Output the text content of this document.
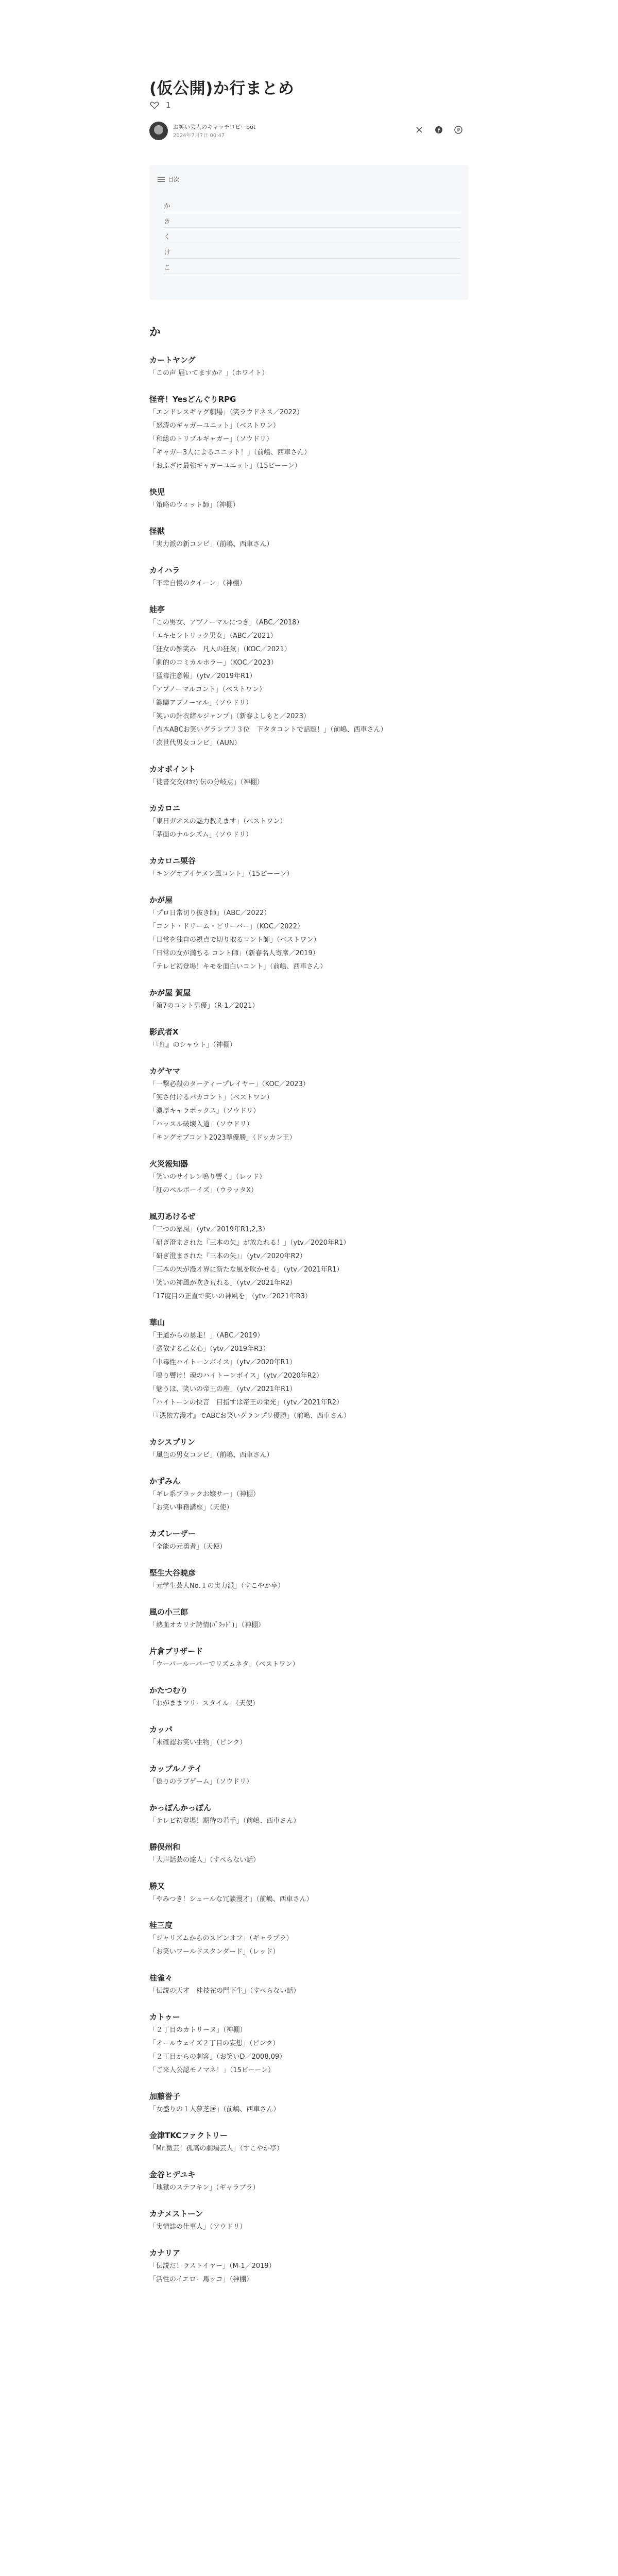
(仮公開)か行まとめ
1
お笑い芸人のキャッチコピーbot
2024年7月7日 00:47
目次
か
き
く
け
こ
か
カートヤング

「この声 届いてますか？」（ホワイト）

怪奇！YesどんぐりRPG

「エンドレスギャグ劇場」（笑ラウドネス／2022）

「怒涛のギャガーユニット」（ベストワン）

「和総のトリプルギャガー」（ソウドリ）

「ギャガー3人によるユニット！」（前嶋、西車さん）

「おふざけ最強ギャガーユニット」（15ビーーン）

快児

「策略のウィット師」（神棚）

怪獣

「実力派の新コンビ」（前嶋、西車さん）

カイハラ

「不幸自慢のクイーン」（神棚）

蛙亭

「この男女、アブノーマルにつき」（ABC／2018）

「エキセントリック男女」（ABC／2021）

「狂女の雑笑み　凡人の狂気」（KOC／2021）

「劇的のコミカルホラー」（KOC／2023）

「猛毒注意報」（ytv／2019年R1）

「アブノーマルコント」（ベストワン）

「範疇アブノーマル」（ソウドリ）

「笑いの針衣緒ルジャンプ」（新春よしもと／2023）

「吉本ABCお笑いグランプリ３位　下タタコントで話題！」（前嶋、西車さん）

「次世代男女コンビ」（AUN）

カオポイント

「徒書交交(ｵｶﾏ)'伝の分岐点」（神棚）

カカロニ

「東日ガオスの魅力教えます」（ベストワン）

「茅面のナルシズム」（ソウドリ）

カカロニ栗谷

「キングオブイケメン風コント」（15ビーーン）

かが屋

「プロ日常切り抜き師」（ABC／2022）

「コント・ドリーム・ビリーバー」（KOC／2022）

「日常を独自の視点で切り取るコント師」（ベストワン）

「日常の女が満ちる コント師」（新春名人寄席／2019）

「テレビ初登場！キモを面白いコント」（前嶋、西車さん）

かが屋 賀屋

「第7のコント男優」（R-1／2021）

影武者X

「『紅』のシャウト」（神棚）

カゲヤマ

「一撃必殺のターティープレイヤー」（KOC／2023）

「笑さ付けるバカコント」（ベストワン）

「濃厚キャラボックス」（ソウドリ）

「ハッスル破壊入道」（ソウドリ）

「キングオブコント2023準優勝」（ドッカン王）

火災報知器

「笑いのサイレン鳴り響く」（レッド）

「紅のベルボーイズ」（ウラッタX）

風刃あけるぜ

「三つの暴風」（ytv／2019年R1,2,3）

「研ぎ澄まされた『三本の矢』が放たれる！」（ytv／2020年R1）

「研ぎ澄まされた『三本の矢』」（ytv／2020年R2）

「三本の矢が漫才界に新たな風を吹かせる」（ytv／2021年R1）

「笑いの神風が吹き荒れる」（ytv／2021年R2）

「17度目の正直で笑いの神風を」（ytv／2021年R3）

華山

「王道からの暴走！」（ABC／2019）

「憑依する乙女心」（ytv／2019年R3）

「中毒性ハイトーンボイス」（ytv／2020年R1）

「鳴り響け！魂のハイトーンボイス」（ytv／2020年R2）

「魅うほ、笑いの帝王の座」（ytv／2021年R1）

「ハイトーンの快音　目指すは帝王の栄光」（ytv／2021年R2）

「『憑依方漫才』でABCお笑いグランプリ優勝」（前嶋、西車さん）

カシスプリン

「風色の男女コンビ」（前嶋、西車さん）

かずみん

「ギレ系ブラックお嬢サー」（神棚）

「お笑い事務講座」（天使）

カズレーザー

「全能の元勇者」（天使）

堅生大谷暁彦

「元学生芸人No.１の実力派」（すこやか亭）

風の小三郎

「熱血オカリナ詩情(ﾊﾞﾗｯﾄﾞ)」（神棚）

片倉ブリザード

「ウーパールーパーでリズムネタ」（ベストワン）

かたつむり

「わがままフリースタイル」（天使）

カッパ

「未確認お笑い生物」（ピンク）

カップルノテイ

「偽りのラブゲーム」（ソウドリ）

かっぽんかっぽん

「テレビ初登場！期待の若手」（前嶋、西車さん）

勝俣州和

「大声話芸の達人」（すべらない話）

勝又

「やみつき！シュールな冗談漫才」（前嶋、西車さん）

桂三度

「ジャリズムからのスピンオフ」（ギャラプラ）

「お笑いワールドスタンダード」（レッド）

桂雀々

「伝説の天才　桂枝雀の門下生」（すべらない話）

カトゥー

「２丁目のカトリーヌ」（神棚）

「オールウェイズ２丁目の妄想」（ピンク）

「２丁目からの刺客」（お笑いD／2008,09）

「ご来人公認モノマネ！」（15ビーーン）

加藤誉子

「女盛りの１人夢芝居」（前嶋、西車さん）

金津TKCファクトリー

「Mr.微芸！孤高の劇場芸人」（すこやか亭）

金谷ヒデユキ

「地獄のステフキン」（ギャラプラ）

カナメストーン

「実情誌の仕事人」（ソウドリ）

カナリア

「伝説だ！ラストイヤー」（M-1／2019）

「活性のイエロー馬ッコ」（神棚）
